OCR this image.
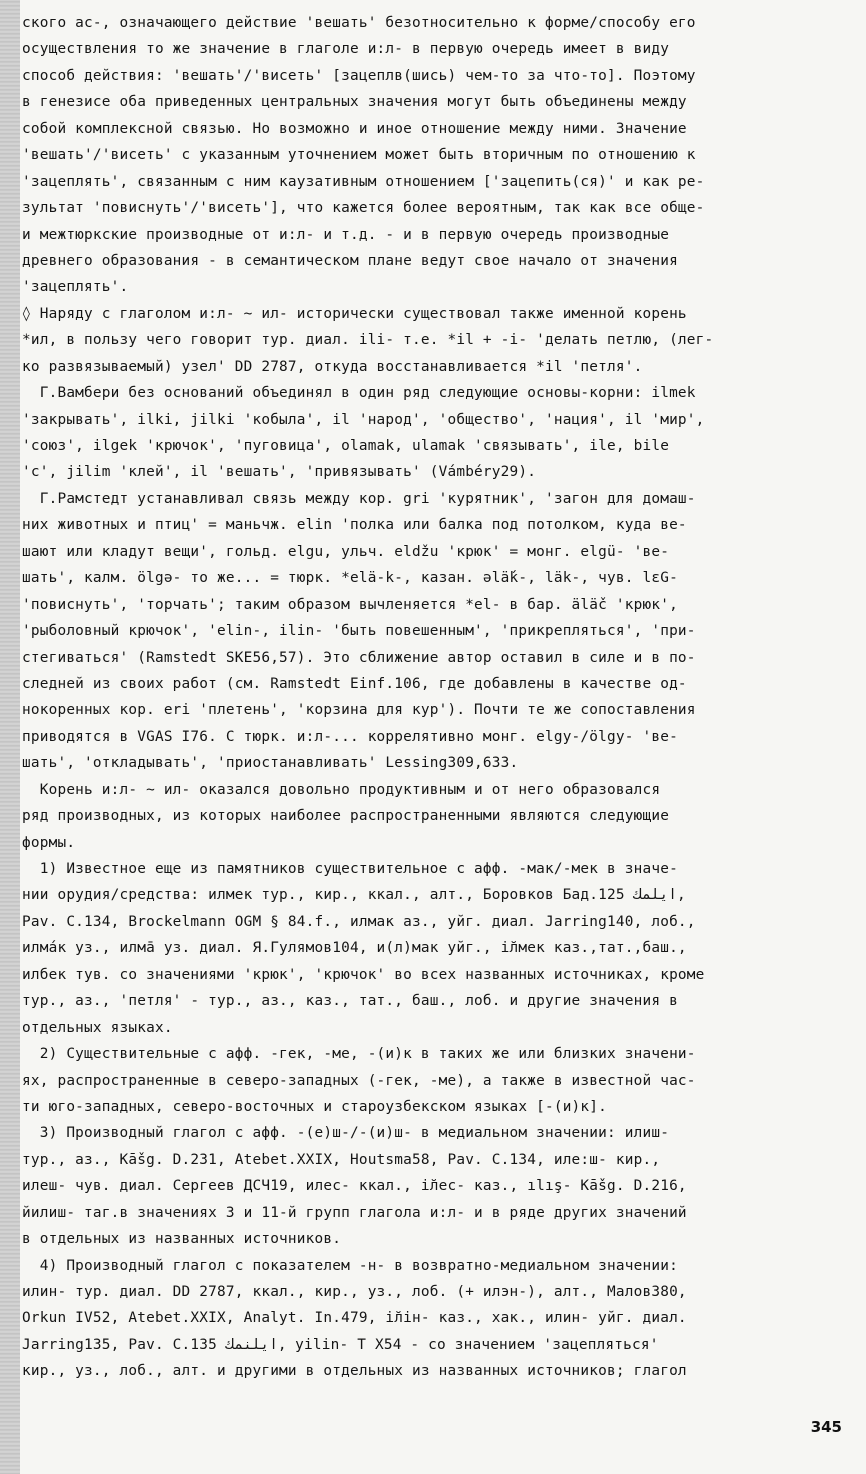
ского ас-, означающего действие 'вешать' безотносительно к форме/способу его
осуществления то же значение в глаголе и:л- в первую очередь имеет в виду
способ действия: 'вешать'/'висеть' [зацеплв(шись) чем-то за что-то]. Поэтому
в генезисе оба приведенных центральных значения могут быть объединены между
собой комплексной связью. Но возможно и иное отношение между ними. Значение
'вешать'/'висеть' с указанным уточнением может быть вторичным по отношению к
'зацеплять', связанным с ним каузативным отношением ['зацепить(ся)' и как ре-
зультат 'повиснуть'/'висеть'], что кажется более вероятным, так как все обще-
и межтюркские производные от и:л- и т.д. - и в первую очередь производные
древнего образования - в семантическом плане ведут свое начало от значения
'зацеплять'.
◊ Наряду с глаголом и:л- ~ ил- исторически существовал также именной корень
*ил, в пользу чего говорит тур. диал. ili- т.е. *il + -i- 'делать петлю, (лег-
ко развязываемый) узел' DD 2787, откуда восстанавливается *il 'петля'.
Г.Вамбери без оснований объединял в один ряд следующие основы-корни: ilmek
'закрывать', ilki, jilki 'кобыла', il 'народ', 'общество', 'нация', il 'мир',
'союз', ilgek 'крючок', 'пуговица', olamak, ulamak 'связывать', ile, bile
'с', jilim 'клей', il 'вешать', 'привязывать' (Vámbéry29).
Г.Рамстедт устанавливал связь между кор. gri 'курятник', 'загон для домаш-
них животных и птиц' = маньчж. elin 'полка или балка под потолком, куда ве-
шают или кладут вещи', гольд. elgu, ульч. eldžu 'крюк' = монг. elgü- 'ве-
шать', калм. ölgə- то же... = тюрк. *elä-k-, казан. əlä́k-, läk-, чув. lεG-
'повиснуть', 'торчать'; таким образом вычленяется *el- в бар. äläč 'крюк',
'рыболовный крючок', 'elin-, ilin- 'быть повешенным', 'прикрепляться', 'при-
стегиваться' (Ramstedt SKE56,57). Это сближение автор оставил в силе и в по-
следней из своих работ (см. Ramstedt Einf.106, где добавлены в качестве од-
нокоренных кор. eri 'плетень', 'корзина для кур'). Почти те же сопоставления
приводятся в VGAS I76. С тюрк. и:л-... коррелятивно монг. elgy-/ölgy- 'ве-
шать', 'откладывать', 'приостанавливать' Lessing309,633.
Корень и:л- ~ ил- оказался довольно продуктивным и от него образовался
ряд производных, из которых наиболее распространенными являются следующие
формы.
1) Известное еще из памятников существительное с афф. -мак/-мек в значе-
нии орудия/средства: илмек тур., кир., ккал., алт., Боровков Бад.125 ايلمك,
Pav. C.134, Brockelmann OGM § 84.f., илмак аз., уйг. диал. Jarring140, лоб.,
илма́к уз., илма̄ уз. диал. Я.Гулямов104, и(л)мак уйг., і̆лмек каз.,тат.,баш.,
илбек тув. со значениями 'крюк', 'крючок' во всех названных источниках, кроме
тур., аз., 'петля' - тур., аз., каз., тат., баш., лоб. и другие значения в
отдельных языках.
2) Существительные с афф. -гек, -ме, -(и)к в таких же или близких значени-
ях, распространенные в северо-западных (-гек, -ме), а также в известной час-
ти юго-западных, северо-восточных и староузбекском языках [-(и)к].
3) Производный глагол с афф. -(е)ш-/-(и)ш- в медиальном значении: илиш-
тур., аз., Kāšg. D.231, Atebet.XXIX, Houtsma58, Pav. C.134, иле:ш- кир.,
илеш- чув. диал. Сергеев ДСЧ19, илес- ккал., і̆лес- каз., ılış- Kāšg. D.216,
йилиш- таг.в значениях 3 и 11-й групп глагола и:л- и в ряде других значений
в отдельных из названных источников.
4) Производный глагол с показателем -н- в возвратно-медиальном значении:
илин- тур. диал. DD 2787, ккал., кир., уз., лоб. (+ илэн-), алт., Малов380,
Orkun IV52, Atebet.XXIX, Analyt. In.479, і̆лін- каз., хак., илин- уйг. диал.
Jarring135, Pav. C.135 ايلنمك, yilin- Т X54 - со значением 'зацепляться'
кир., уз., лоб., алт. и другими в отдельных из названных источников; глагол
345
